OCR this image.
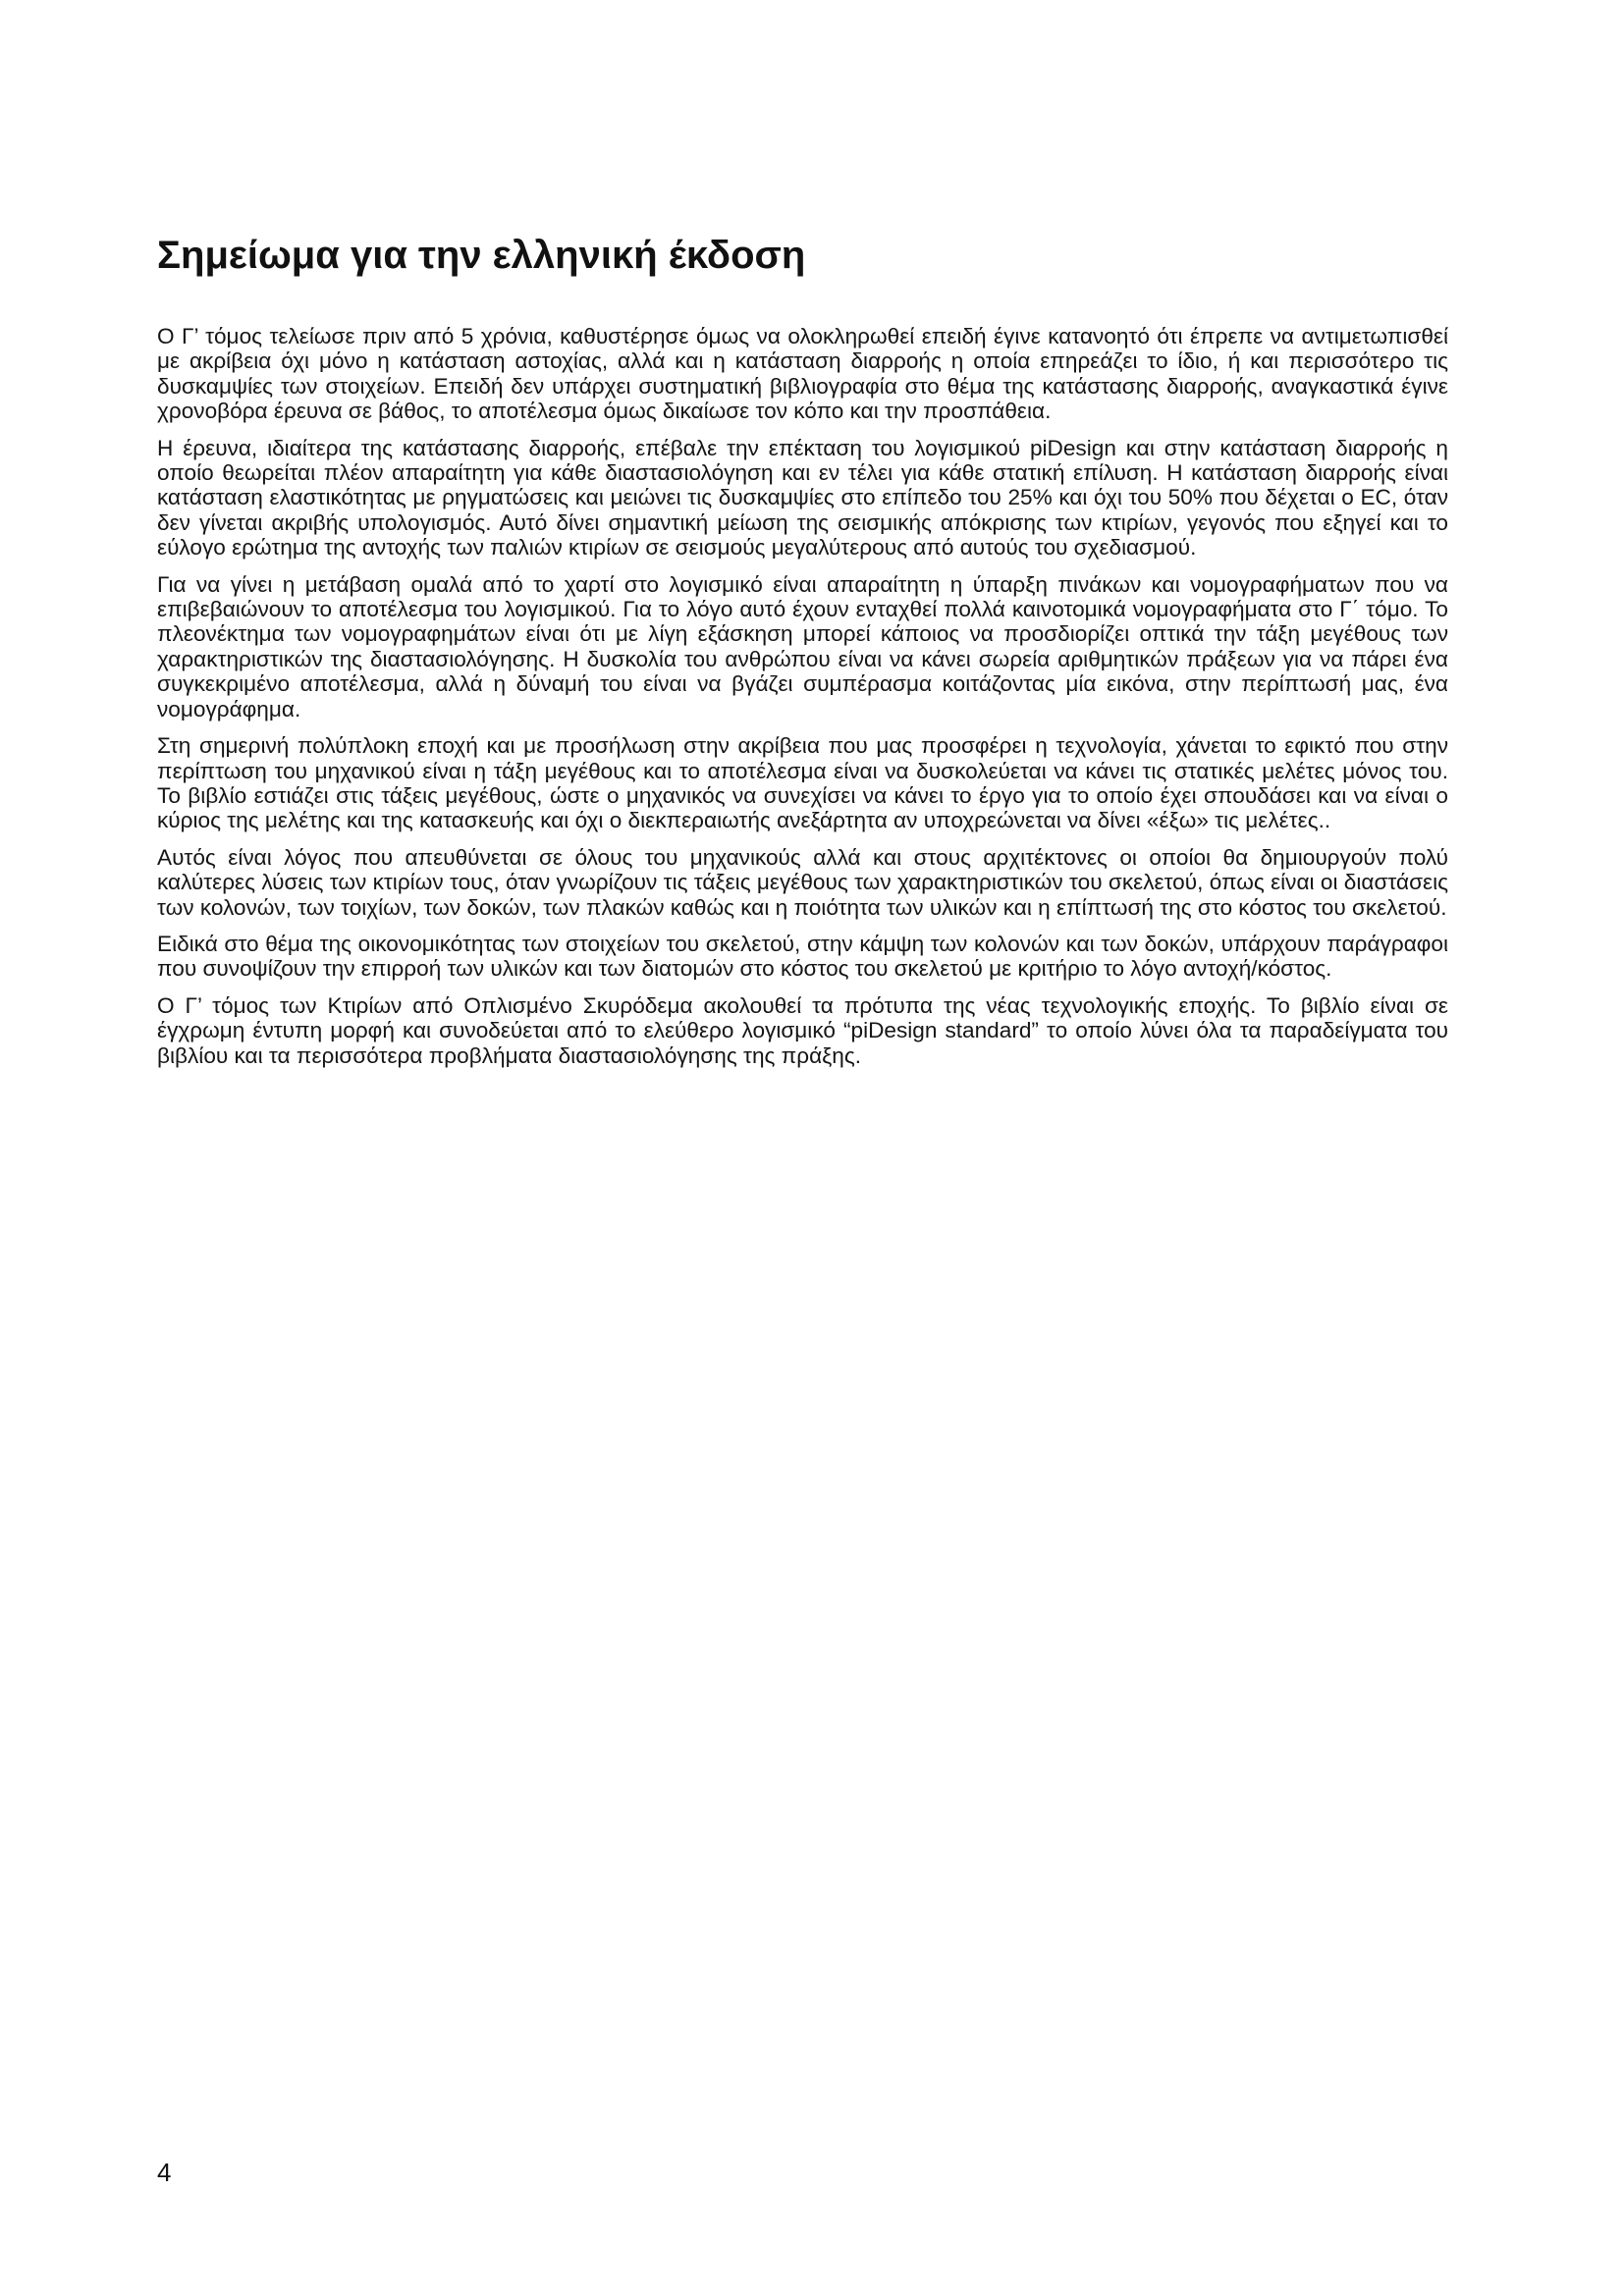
Σημείωμα για την ελληνική έκδοση

Ο Γ’ τόμος τελείωσε πριν από 5 χρόνια, καθυστέρησε όμως να ολοκληρωθεί επειδή έγινε κατανοητό ότι έπρεπε να αντιμετωπισθεί με ακρίβεια όχι μόνο η κατάσταση αστοχίας, αλλά και η κατάσταση διαρροής η οποία επηρεάζει το ίδιο, ή και περισσότερο τις δυσκαμψίες των στοιχείων. Επειδή δεν υπάρχει συστηματική βιβλιογραφία στο θέμα της κατάστασης διαρροής, αναγκαστικά έγινε χρονοβόρα έρευνα σε βάθος, το αποτέλεσμα όμως δικαίωσε τον κόπο και την προσπάθεια.

Η έρευνα, ιδιαίτερα της κατάστασης διαρροής, επέβαλε την επέκταση του λογισμικού piDesign και στην κατάσταση διαρροής η οποίο θεωρείται πλέον απαραίτητη για κάθε διαστασιολόγηση και εν τέλει για κάθε στατική επίλυση. Η κατάσταση διαρροής είναι κατάσταση ελαστικότητας με ρηγματώσεις και μειώνει τις δυσκαμψίες στο επίπεδο του 25% και όχι του 50% που δέχεται ο EC, όταν δεν γίνεται ακριβής υπολογισμός. Αυτό δίνει σημαντική μείωση της σεισμικής απόκρισης των κτιρίων, γεγονός που εξηγεί και το εύλογο ερώτημα της αντοχής των παλιών κτιρίων σε σεισμούς μεγαλύτερους από αυτούς του σχεδιασμού.

Για να γίνει η μετάβαση ομαλά από το χαρτί στο λογισμικό είναι απαραίτητη η ύπαρξη πινάκων και νομογραφήματων που να επιβεβαιώνουν το αποτέλεσμα του λογισμικού. Για το λόγο αυτό έχουν ενταχθεί πολλά καινοτομικά νομογραφήματα στο Γ΄ τόμο. Το πλεονέκτημα των νομογραφημάτων είναι ότι με λίγη εξάσκηση μπορεί κάποιος να προσδιορίζει οπτικά την τάξη μεγέθους των χαρακτηριστικών της διαστασιολόγησης. Η δυσκολία του ανθρώπου είναι να κάνει σωρεία αριθμητικών πράξεων για να πάρει ένα συγκεκριμένο αποτέλεσμα, αλλά η δύναμή του είναι να βγάζει συμπέρασμα κοιτάζοντας μία εικόνα, στην περίπτωσή μας, ένα νομογράφημα.

Στη σημερινή πολύπλοκη εποχή και με προσήλωση στην ακρίβεια που μας προσφέρει η τεχνολογία, χάνεται το εφικτό που στην περίπτωση του μηχανικού είναι η τάξη μεγέθους και το αποτέλεσμα είναι να δυσκολεύεται να κάνει τις στατικές μελέτες μόνος του. Το βιβλίο εστιάζει στις τάξεις μεγέθους, ώστε ο μηχανικός να συνεχίσει να κάνει το έργο για το οποίο έχει σπουδάσει και να είναι ο κύριος της μελέτης και της κατασκευής και όχι ο διεκπεραιωτής ανεξάρτητα αν υποχρεώνεται να δίνει «έξω» τις μελέτες..

Αυτός είναι λόγος που απευθύνεται σε όλους του μηχανικούς αλλά και στους αρχιτέκτονες οι οποίοι θα δημιουργούν πολύ καλύτερες λύσεις των κτιρίων τους, όταν γνωρίζουν τις τάξεις μεγέθους των χαρακτηριστικών του σκελετού, όπως είναι οι διαστάσεις των κολονών, των τοιχίων, των δοκών, των πλακών καθώς και η ποιότητα των υλικών και η επίπτωσή της στο κόστος του σκελετού.

Ειδικά στο θέμα της οικονομικότητας των στοιχείων του σκελετού, στην κάμψη των κολονών και των δοκών, υπάρχουν παράγραφοι που συνοψίζουν την επιρροή των υλικών και των διατομών στο κόστος του σκελετού με κριτήριο το λόγο αντοχή/κόστος.

Ο Γ’ τόμος των Κτιρίων από Οπλισμένο Σκυρόδεμα ακολουθεί τα πρότυπα της νέας τεχνολογικής εποχής. Το βιβλίο είναι σε έγχρωμη έντυπη μορφή και συνοδεύεται από το ελεύθερο λογισμικό “piDesign standard” το οποίο λύνει όλα τα παραδείγματα του βιβλίου και τα περισσότερα προβλήματα διαστασιολόγησης της πράξης.

4
